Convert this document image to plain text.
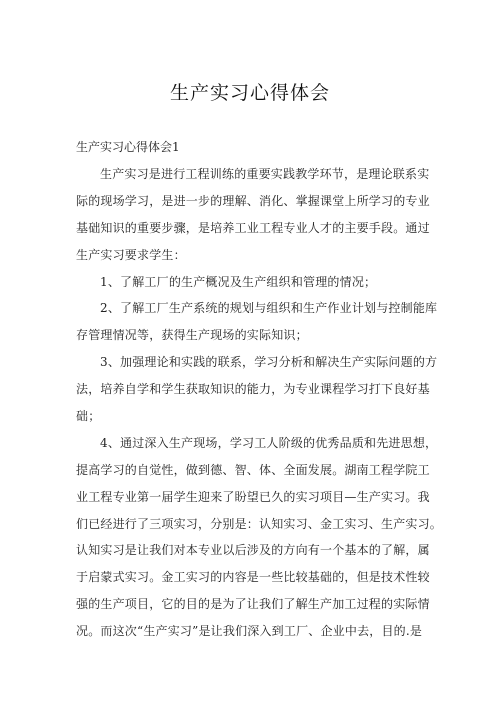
生产实习心得体会
生产实习心得体会1
生产实习是进行工程训练的重要实践教学环节，是理论联系实
际的现场学习，是进一步的理解、消化、掌握课堂上所学习的专业
基础知识的重要步骤，是培养工业工程专业人才的主要手段。通过
生产实习要求学生：
1、了解工厂的生产概况及生产组织和管理的情况；
2、了解工厂生产系统的规划与组织和生产作业计划与控制能库
存管理情况等，获得生产现场的实际知识；
3、加强理论和实践的联系，学习分析和解决生产实际问题的方
法，培养自学和学生获取知识的能力，为专业课程学习打下良好基
础；
4、通过深入生产现场，学习工人阶级的优秀品质和先进思想，
提高学习的自觉性，做到德、智、体、全面发展。湖南工程学院工
业工程专业第一届学生迎来了盼望已久的实习项目—生产实习。我
们已经进行了三项实习，分别是：认知实习、金工实习、生产实习。
认知实习是让我们对本专业以后涉及的方向有一个基本的了解，属
于启蒙式实习。金工实习的内容是一些比较基础的，但是技术性较
强的生产项目，它的目的是为了让我们了解生产加工过程的实际情
况。而这次“生产实习”是让我们深入到工厂、企业中去，目的.是
